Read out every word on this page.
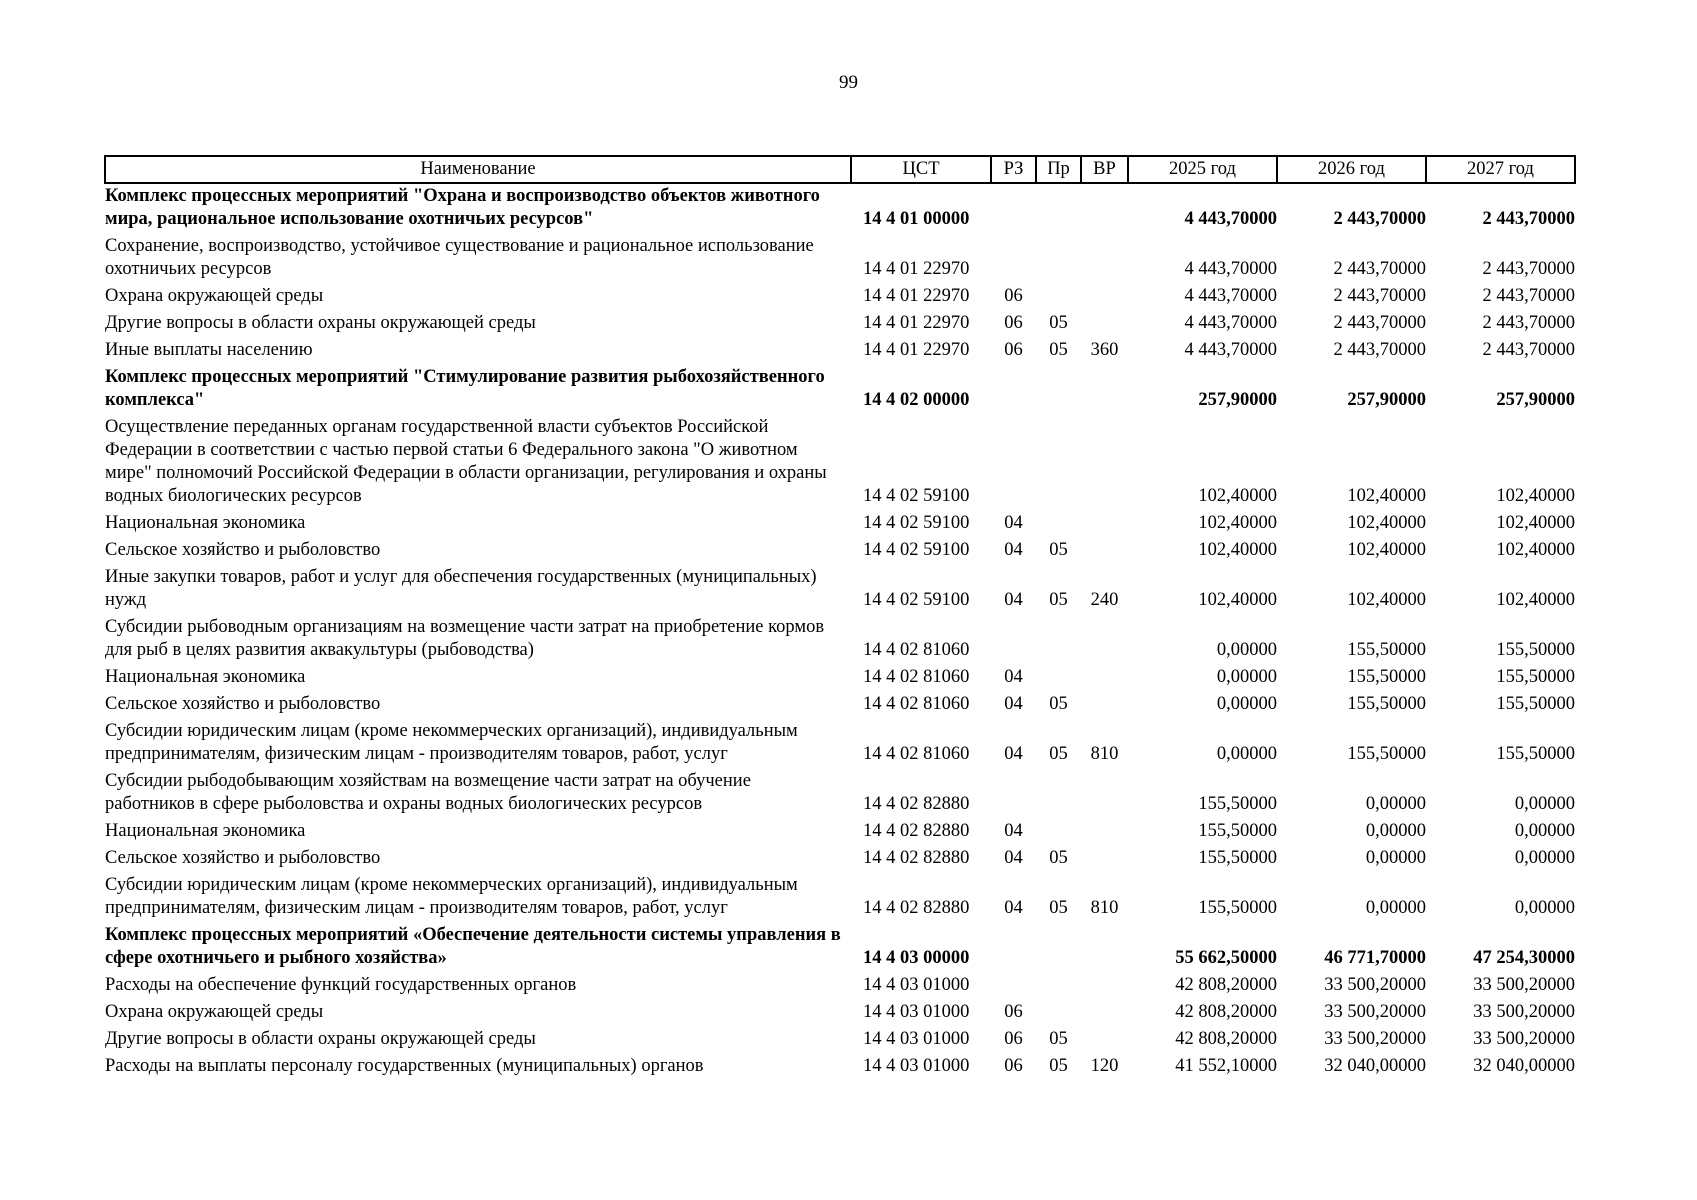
99
Наименование	ЦСТ	РЗ	Пр	ВР	2025 год	2026 год	2027 год
Комплекс процессных мероприятий "Охрана и воспроизводство объектов животного мира, рациональное использование охотничьих ресурсов"	14 4 01 00000				4 443,70000	2 443,70000	2 443,70000
Сохранение, воспроизводство, устойчивое существование и рациональное использование охотничьих ресурсов	14 4 01 22970				4 443,70000	2 443,70000	2 443,70000
Охрана окружающей среды	14 4 01 22970	06			4 443,70000	2 443,70000	2 443,70000
Другие вопросы в области охраны окружающей среды	14 4 01 22970	06	05		4 443,70000	2 443,70000	2 443,70000
Иные выплаты населению	14 4 01 22970	06	05	360	4 443,70000	2 443,70000	2 443,70000
Комплекс процессных мероприятий "Стимулирование развития рыбохозяйственного комплекса"	14 4 02 00000				257,90000	257,90000	257,90000
Осуществление переданных органам государственной власти субъектов Российской Федерации в соответствии с частью первой статьи 6 Федерального закона "О животном мире" полномочий Российской Федерации в области организации, регулирования и охраны водных биологических ресурсов	14 4 02 59100				102,40000	102,40000	102,40000
Национальная экономика	14 4 02 59100	04			102,40000	102,40000	102,40000
Сельское хозяйство и рыболовство	14 4 02 59100	04	05		102,40000	102,40000	102,40000
Иные закупки товаров, работ и услуг для обеспечения государственных (муниципальных) нужд	14 4 02 59100	04	05	240	102,40000	102,40000	102,40000
Субсидии рыбоводным организациям на возмещение части затрат на приобретение кормов для рыб в целях развития аквакультуры (рыбоводства)	14 4 02 81060				0,00000	155,50000	155,50000
Национальная экономика	14 4 02 81060	04			0,00000	155,50000	155,50000
Сельское хозяйство и рыболовство	14 4 02 81060	04	05		0,00000	155,50000	155,50000
Субсидии юридическим лицам (кроме некоммерческих организаций), индивидуальным предпринимателям, физическим лицам - производителям товаров, работ, услуг	14 4 02 81060	04	05	810	0,00000	155,50000	155,50000
Субсидии рыбодобывающим хозяйствам на возмещение части затрат на обучение работников в сфере рыболовства и охраны водных биологических ресурсов	14 4 02 82880				155,50000	0,00000	0,00000
Национальная экономика	14 4 02 82880	04			155,50000	0,00000	0,00000
Сельское хозяйство и рыболовство	14 4 02 82880	04	05		155,50000	0,00000	0,00000
Субсидии юридическим лицам (кроме некоммерческих организаций), индивидуальным предпринимателям, физическим лицам - производителям товаров, работ, услуг	14 4 02 82880	04	05	810	155,50000	0,00000	0,00000
Комплекс процессных мероприятий «Обеспечение деятельности системы управления в сфере охотничьего и рыбного хозяйства»	14 4 03 00000				55 662,50000	46 771,70000	47 254,30000
Расходы на обеспечение функций государственных органов	14 4 03 01000				42 808,20000	33 500,20000	33 500,20000
Охрана окружающей среды	14 4 03 01000	06			42 808,20000	33 500,20000	33 500,20000
Другие вопросы в области охраны окружающей среды	14 4 03 01000	06	05		42 808,20000	33 500,20000	33 500,20000
Расходы на выплаты персоналу государственных (муниципальных) органов	14 4 03 01000	06	05	120	41 552,10000	32 040,00000	32 040,00000
